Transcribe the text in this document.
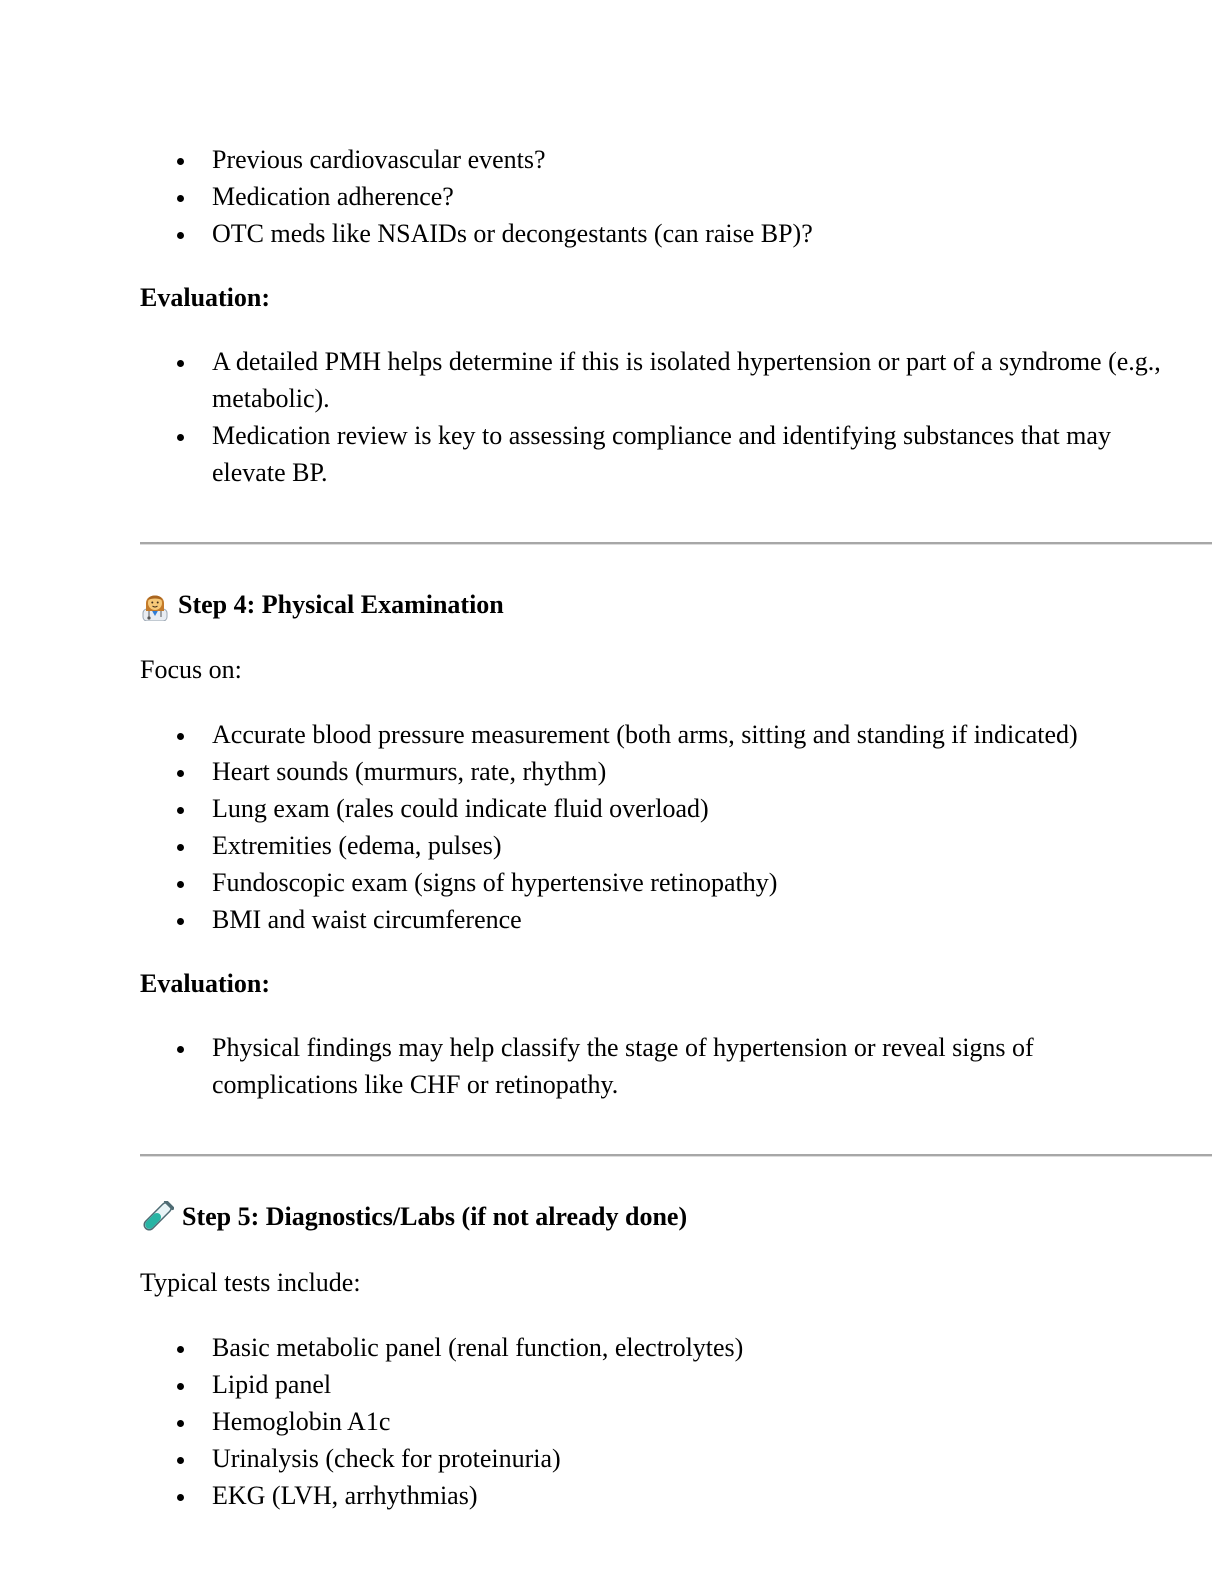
Previous cardiovascular events?
Medication adherence?
OTC meds like NSAIDs or decongestants (can raise BP)?

Evaluation:

A detailed PMH helps determine if this is isolated hypertension or part of a syndrome (e.g., metabolic).
Medication review is key to assessing compliance and identifying substances that may elevate BP.
Step 4: Physical Examination

Focus on:

Accurate blood pressure measurement (both arms, sitting and standing if indicated)
Heart sounds (murmurs, rate, rhythm)
Lung exam (rales could indicate fluid overload)
Extremities (edema, pulses)
Fundoscopic exam (signs of hypertensive retinopathy)
BMI and waist circumference

Evaluation:

Physical findings may help classify the stage of hypertension or reveal signs of complications like CHF or retinopathy.
Step 5: Diagnostics/Labs (if not already done)

Typical tests include:

Basic metabolic panel (renal function, electrolytes)
Lipid panel
Hemoglobin A1c
Urinalysis (check for proteinuria)
EKG (LVH, arrhythmias)
